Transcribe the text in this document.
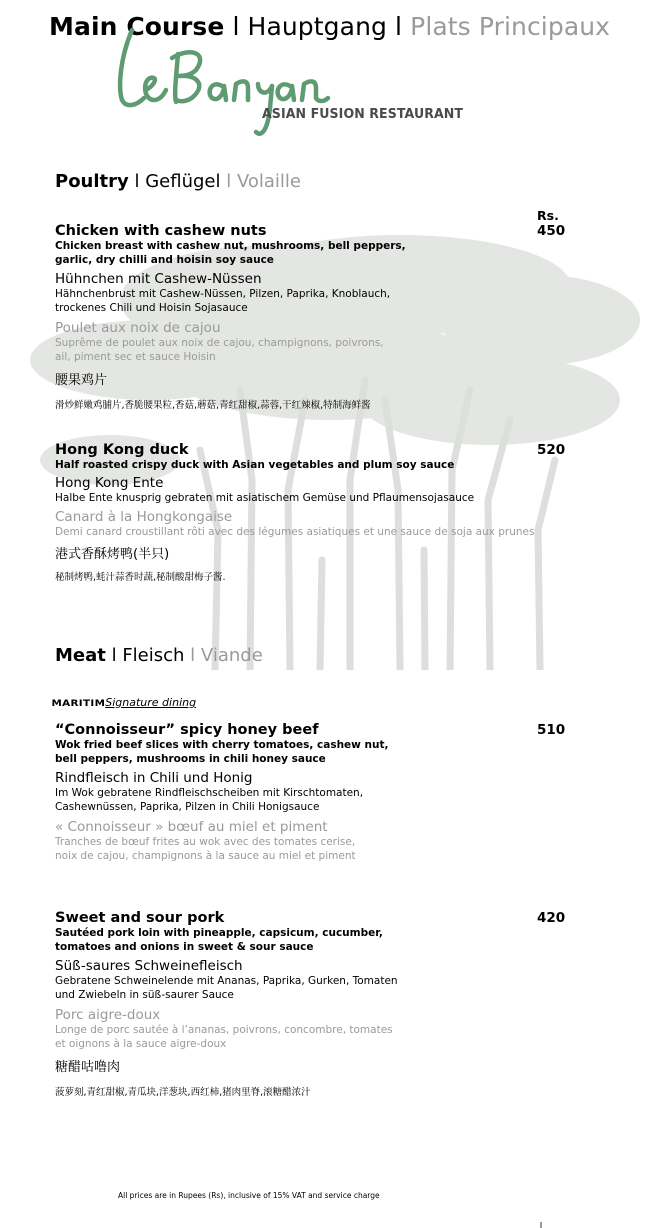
Main Course l Hauptgang l Plats Principaux
ASIAN FUSION RESTAURANT
Poultry l Geflügel l Volaille
Rs.
Chicken with cashew nuts	450
Chicken breast with cashew nut, mushrooms, bell peppers,
garlic, dry chilli and hoisin soy sauce
Hühnchen mit Cashew-Nüssen
Hähnchenbrust mit Cashew-Nüssen, Pilzen, Paprika, Knoblauch,
trockenes Chili und Hoisin Sojasauce
Poulet aux noix de cajou
Suprême de poulet aux noix de cajou, champignons, poivrons,
ail, piment sec et sauce Hoisin
腰果鸡片
滑炒鲜嫩鸡脯片,香脆腰果粒,香菇,蘑菇,青红甜椒,蒜蓉,干红辣椒,特制海鲜酱
Hong Kong duck	520
Half roasted crispy duck with Asian vegetables and plum soy sauce
Hong Kong Ente
Halbe Ente knusprig gebraten mit asiatischem Gemüse und Pflaumensojasauce
Canard à la Hongkongaise
Demi canard croustillant rôti avec des légumes asiatiques et une sauce de soja aux prunes
港式香酥烤鸭(半只)
秘制烤鸭,蚝汁蒜香时蔬,秘制酸甜梅子酱.
Meat l Fleisch l Viande
MARITIM Signature dining
“Connoisseur” spicy honey beef	510
Wok fried beef slices with cherry tomatoes, cashew nut,
bell peppers, mushrooms in chili honey sauce
Rindfleisch in Chili und Honig
Im Wok gebratene Rindfleischscheiben mit Kirschtomaten,
Cashewnüssen, Paprika, Pilzen in Chili Honigsauce
« Connoisseur » bœuf au miel et piment
Tranches de bœuf frites au wok avec des tomates cerise,
noix de cajou, champignons à la sauce au miel et piment
Sweet and sour pork	420
Sautéed pork loin with pineapple, capsicum, cucumber,
tomatoes and onions in sweet & sour sauce
Süß-saures Schweinefleisch
Gebratene Schweinelende mit Ananas, Paprika, Gurken, Tomaten
und Zwiebeln in süß-saurer Sauce
Porc aigre-doux
Longe de porc sautée à l’ananas, poivrons, concombre, tomates
et oignons à la sauce aigre-doux
糖醋咕噜肉
菠萝刻,青红甜椒,青瓜块,洋葱块,西红柿,猪肉里脊,滚糖醋浓汁
All prices are in Rupees (Rs), inclusive of 15% VAT and service charge
